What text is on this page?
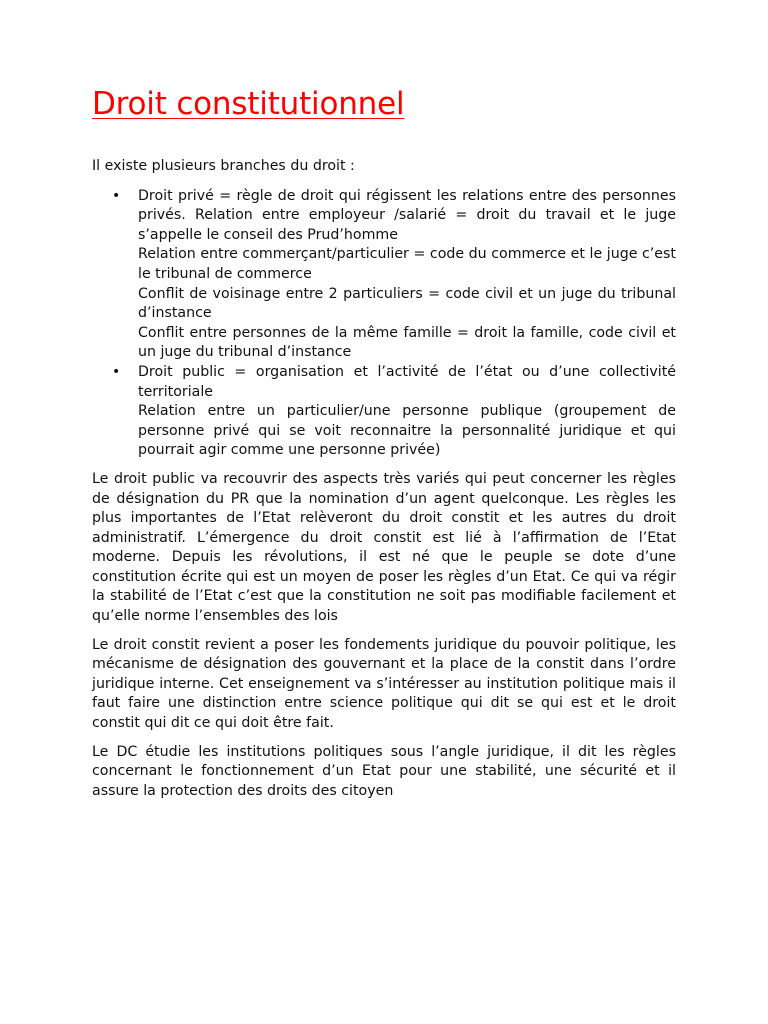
Droit constitutionnel

Il existe plusieurs branches du droit :

• Droit privé = règle de droit qui régissent les relations entre des personnes privés. Relation entre employeur /salarié = droit du travail et le juge s’appelle le conseil des Prud’homme
Relation entre commerçant/particulier = code du commerce et le juge c’est le tribunal de commerce
Conflit de voisinage entre 2 particuliers = code civil et un juge du tribunal d’instance
Conflit entre personnes de la même famille = droit la famille, code civil et un juge du tribunal d’instance
• Droit public = organisation et l’activité de l’état ou d’une collectivité territoriale
Relation entre un particulier/une personne publique (groupement de personne privé qui se voit reconnaitre la personnalité juridique et qui pourrait agir comme une personne privée)

Le droit public va recouvrir des aspects très variés qui peut concerner les règles de désignation du PR que la nomination d’un agent quelconque. Les règles les plus importantes de l’Etat relèveront du droit constit et les autres du droit administratif. L’émergence du droit constit est lié à l’affirmation de l’Etat moderne. Depuis les révolutions, il est né que le peuple se dote d’une constitution écrite qui est un moyen de poser les règles d’un Etat. Ce qui va régir la stabilité de l’Etat c’est que la constitution ne soit pas modifiable facilement et qu’elle norme l’ensembles des lois

Le droit constit revient a poser les fondements juridique du pouvoir politique, les mécanisme de désignation des gouvernant et la place de la constit dans l’ordre juridique interne. Cet enseignement va s’intéresser au institution politique mais il faut faire une distinction entre science politique qui dit se qui est et le droit constit qui dit ce qui doit être fait.

Le DC étudie les institutions politiques sous l’angle juridique, il dit les règles concernant le fonctionnement d’un Etat pour une stabilité, une sécurité et il assure la protection des droits des citoyen
